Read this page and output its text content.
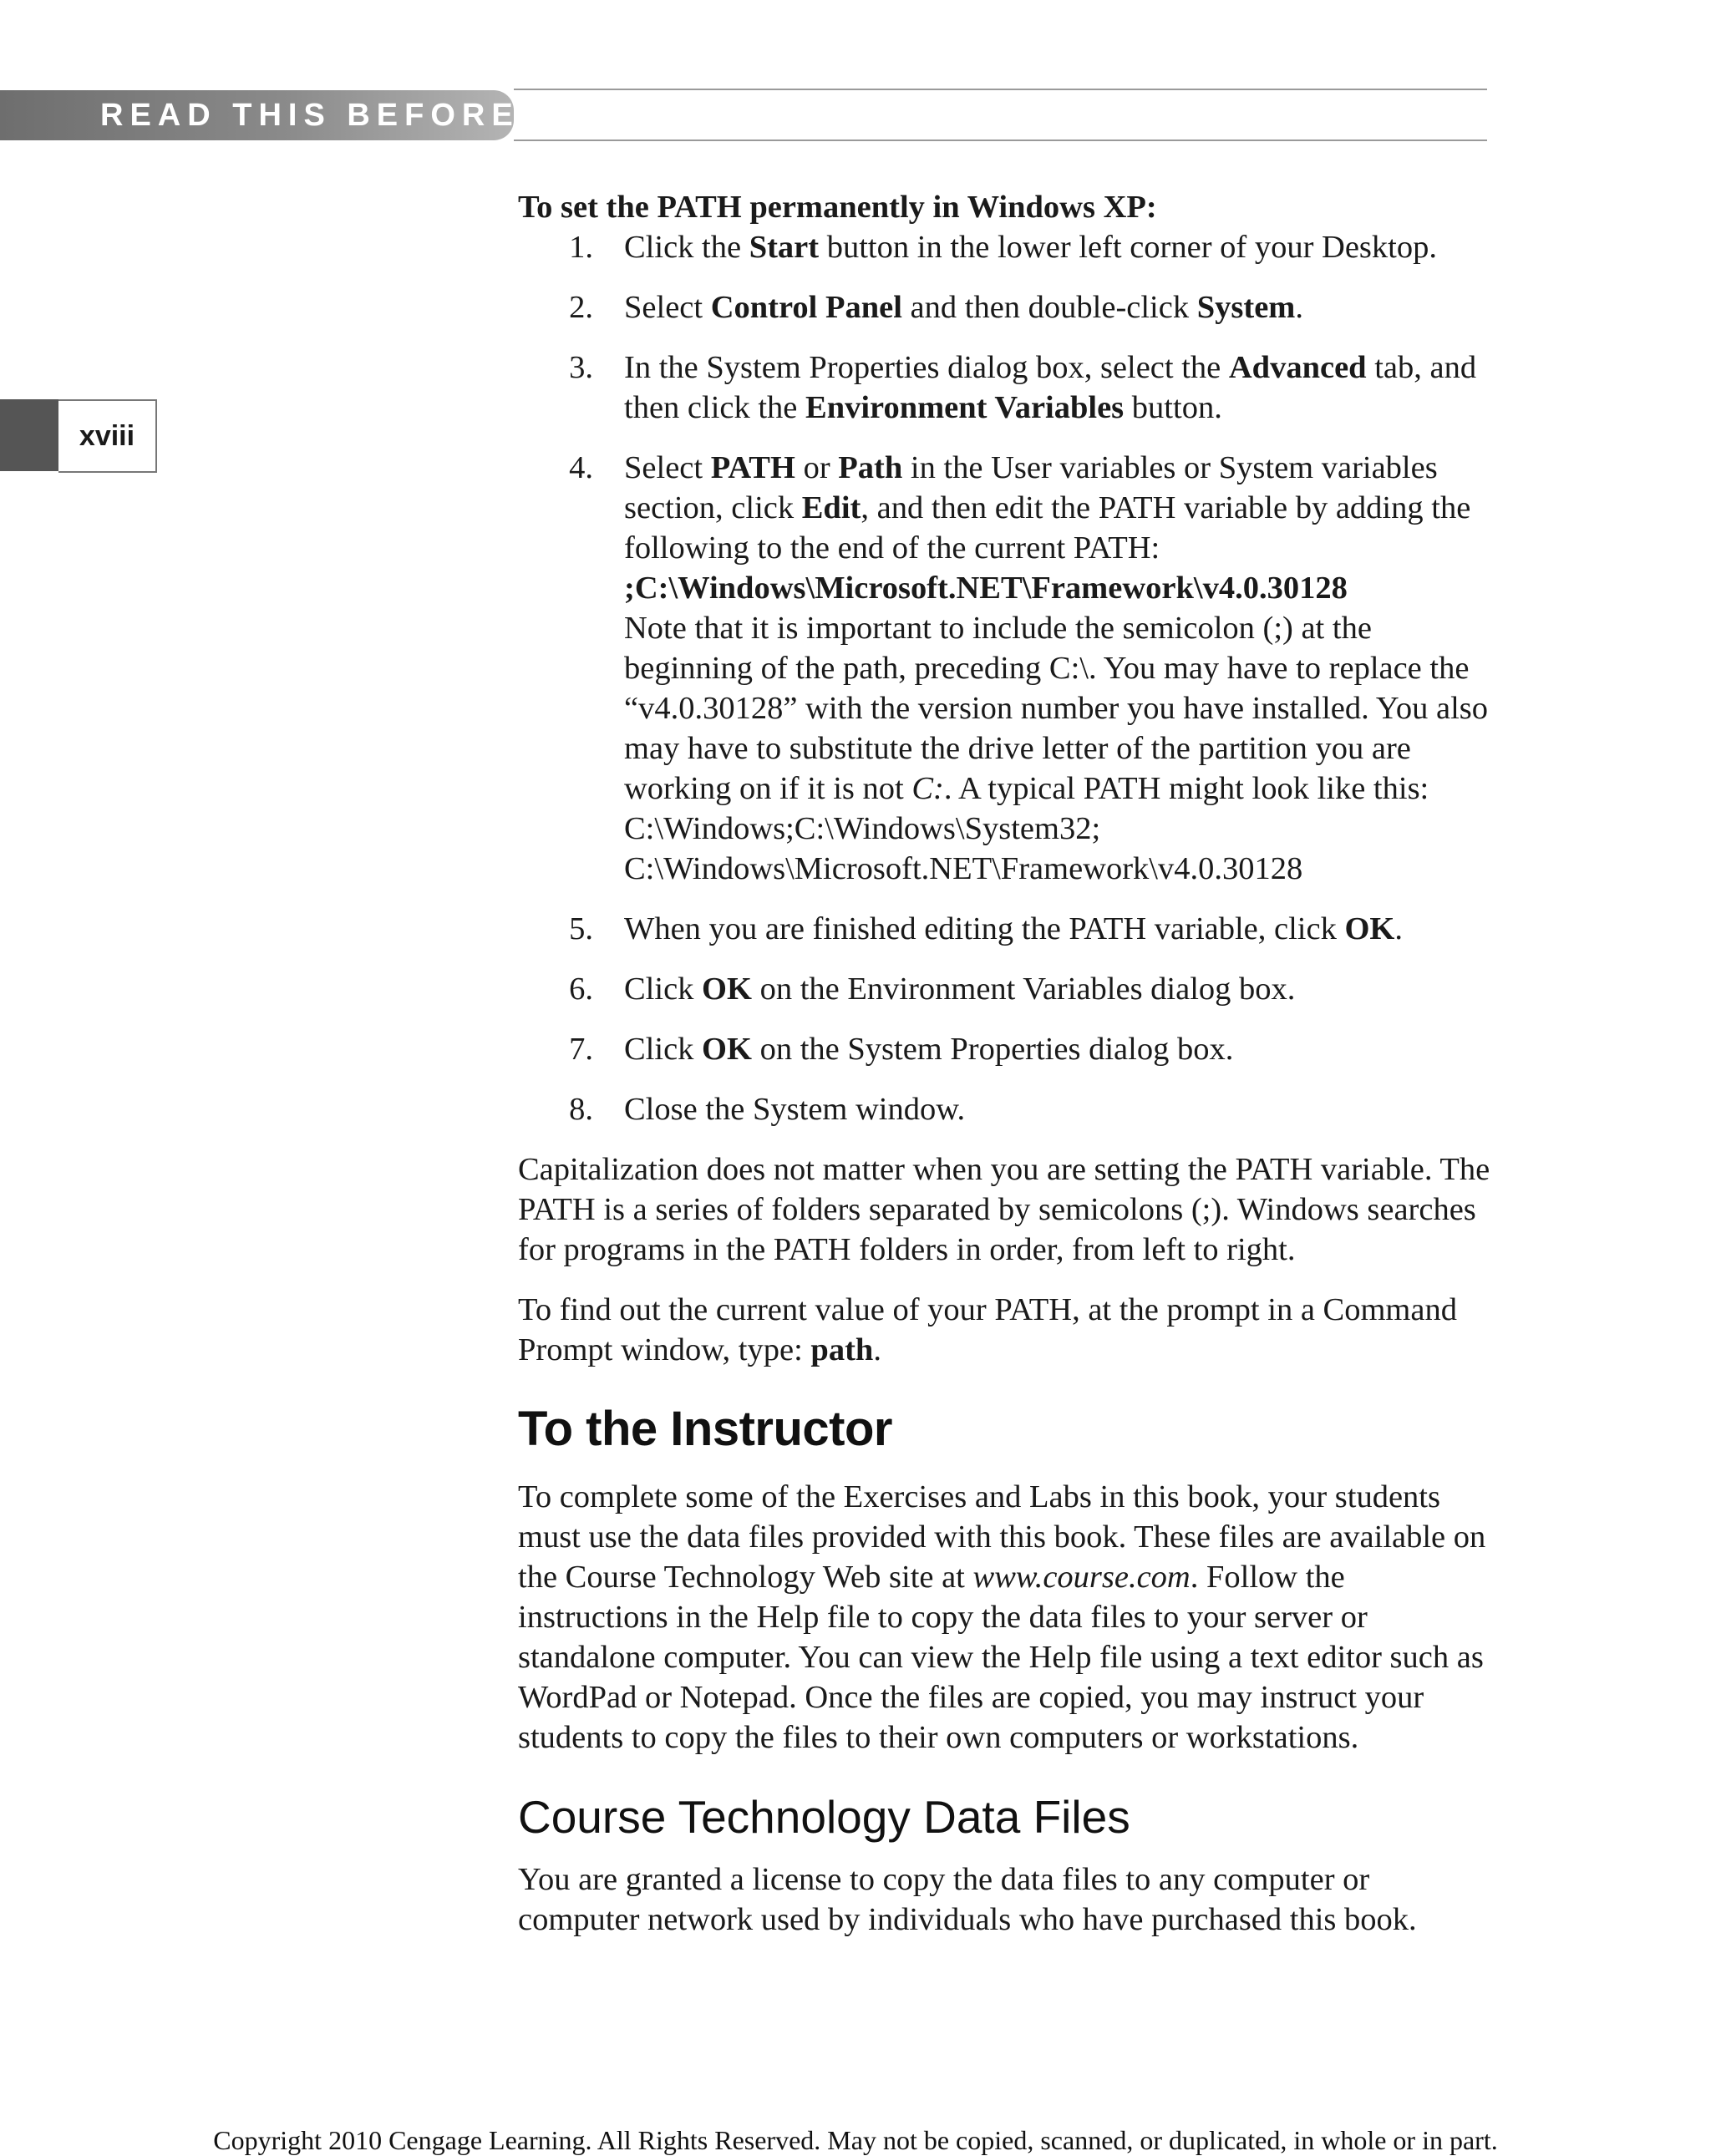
READ THIS BEFORE
xviii

To set the PATH permanently in Windows XP:

1. Click the Start button in the lower left corner of your Desktop.
2. Select Control Panel and then double-click System.
3. In the System Properties dialog box, select the Advanced tab, and then click the Environment Variables button.
4. Select PATH or Path in the User variables or System variables section, click Edit, and then edit the PATH variable by adding the following to the end of the current PATH:

;C:\Windows\Microsoft.NET\Framework\v4.0.30128

Note that it is important to include the semicolon (;) at the beginning of the path, preceding C:\. You may have to replace the “v4.0.30128” with the version number you have installed. You also may have to substitute the drive letter of the partition you are working on if it is not C:. A typical PATH might look like this:

C:\Windows;C:\Windows\System32;
C:\Windows\Microsoft.NET\Framework\v4.0.30128

5. When you are finished editing the PATH variable, click OK.
6. Click OK on the Environment Variables dialog box.
7. Click OK on the System Properties dialog box.
8. Close the System window.

Capitalization does not matter when you are setting the PATH variable. The PATH is a series of folders separated by semicolons (;). Windows searches for programs in the PATH folders in order, from left to right.

To find out the current value of your PATH, at the prompt in a Command Prompt window, type: path.

To the Instructor

To complete some of the Exercises and Labs in this book, your students must use the data files provided with this book. These files are available on the Course Technology Web site at www.course.com. Follow the instructions in the Help file to copy the data files to your server or standalone computer. You can view the Help file using a text editor such as WordPad or Notepad. Once the files are copied, you may instruct your students to copy the files to their own computers or workstations.

Course Technology Data Files

You are granted a license to copy the data files to any computer or computer network used by individuals who have purchased this book.

Copyright 2010 Cengage Learning. All Rights Reserved. May not be copied, scanned, or duplicated, in whole or in part.
